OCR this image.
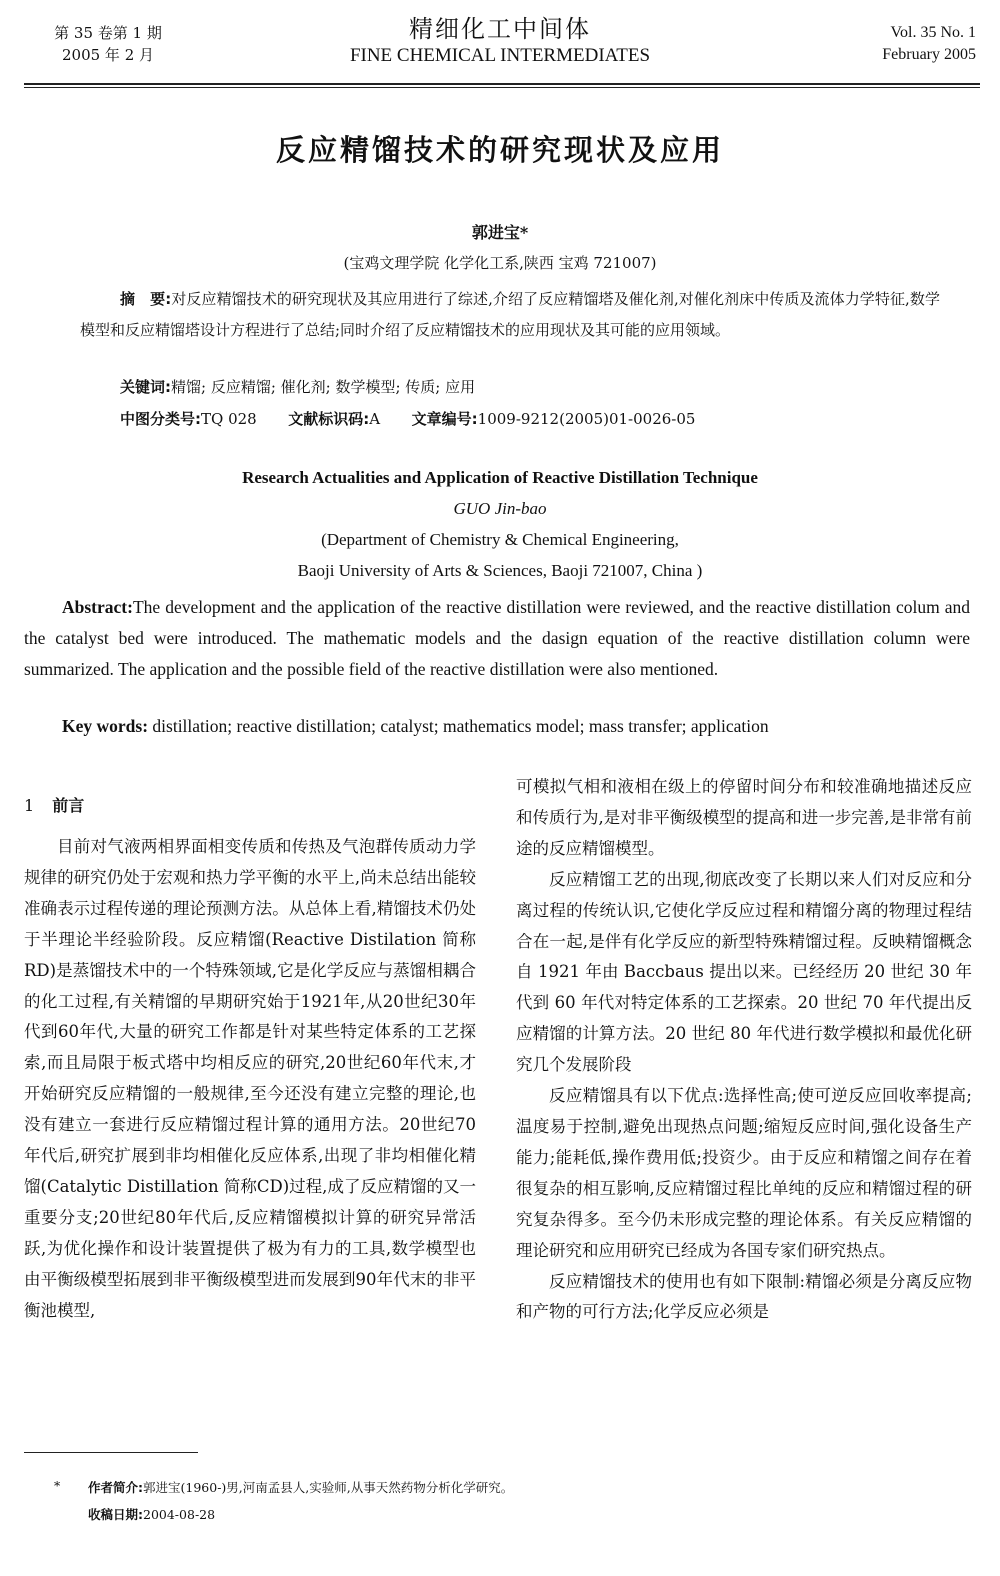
第 35 卷第 1 期
2005 年 2 月
精细化工中间体
FINE CHEMICAL INTERMEDIATES
Vol. 35 No. 1
February 2005
反应精馏技术的研究现状及应用
郭进宝*
(宝鸡文理学院 化学化工系,陕西 宝鸡 721007)
摘　要:对反应精馏技术的研究现状及其应用进行了综述,介绍了反应精馏塔及催化剂,对催化剂床中传质及流体力学特征,数学模型和反应精馏塔设计方程进行了总结;同时介绍了反应精馏技术的应用现状及其可能的应用领域。
关键词:精馏; 反应精馏; 催化剂; 数学模型; 传质; 应用
中图分类号:TQ 028 文献标识码:A 文章编号:1009-9212(2005)01-0026-05
Research Actualities and Application of Reactive Distillation Technique
GUO Jin-bao
(Department of Chemistry & Chemical Engineering,
Baoji University of Arts & Sciences, Baoji 721007, China )
Abstract:The development and the application of the reactive distillation were reviewed, and the reactive distillation colum and the catalyst bed were introduced. The mathematic models and the dasign equation of the reactive distillation column were summarized. The application and the possible field of the reactive distillation were also mentioned.
Key words: distillation; reactive distillation; catalyst; mathematics model; mass transfer; application
1 前言
目前对气液两相界面相变传质和传热及气泡群传质动力学规律的研究仍处于宏观和热力学平衡的水平上,尚未总结出能较准确表示过程传递的理论预测方法。从总体上看,精馏技术仍处于半理论半经验阶段。反应精馏(Reactive Distilation 简称RD)是蒸馏技术中的一个特殊领域,它是化学反应与蒸馏相耦合的化工过程,有关精馏的早期研究始于1921年,从20世纪30年代到60年代,大量的研究工作都是针对某些特定体系的工艺探索,而且局限于板式塔中均相反应的研究,20世纪60年代末,才开始研究反应精馏的一般规律,至今还没有建立完整的理论,也没有建立一套进行反应精馏过程计算的通用方法。20世纪70年代后,研究扩展到非均相催化反应体系,出现了非均相催化精馏(Catalytic Distillation 简称CD)过程,成了反应精馏的又一重要分支;20世纪80年代后,反应精馏模拟计算的研究异常活跃,为优化操作和设计装置提供了极为有力的工具,数学模型也由平衡级模型拓展到非平衡级模型进而发展到90年代末的非平衡池模型,

可模拟气相和液相在级上的停留时间分布和较准确地描述反应和传质行为,是对非平衡级模型的提高和进一步完善,是非常有前途的反应精馏模型。

反应精馏工艺的出现,彻底改变了长期以来人们对反应和分离过程的传统认识,它使化学反应过程和精馏分离的物理过程结合在一起,是伴有化学反应的新型特殊精馏过程。反映精馏概念自 1921 年由 Baccbaus 提出以来。已经经历 20 世纪 30 年代到 60 年代对特定体系的工艺探索。20 世纪 70 年代提出反应精馏的计算方法。20 世纪 80 年代进行数学模拟和最优化研究几个发展阶段

反应精馏具有以下优点:选择性高;使可逆反应回收率提高;温度易于控制,避免出现热点问题;缩短反应时间,强化设备生产能力;能耗低,操作费用低;投资少。由于反应和精馏之间存在着很复杂的相互影响,反应精馏过程比单纯的反应和精馏过程的研究复杂得多。至今仍未形成完整的理论体系。有关反应精馏的理论研究和应用研究已经成为各国专家们研究热点。

反应精馏技术的使用也有如下限制:精馏必须是分离反应物和产物的可行方法;化学反应必须是

*	作者简介:郭进宝(1960-)男,河南孟县人,实验师,从事天然药物分析化学研究。
收稿日期:2004-08-28
